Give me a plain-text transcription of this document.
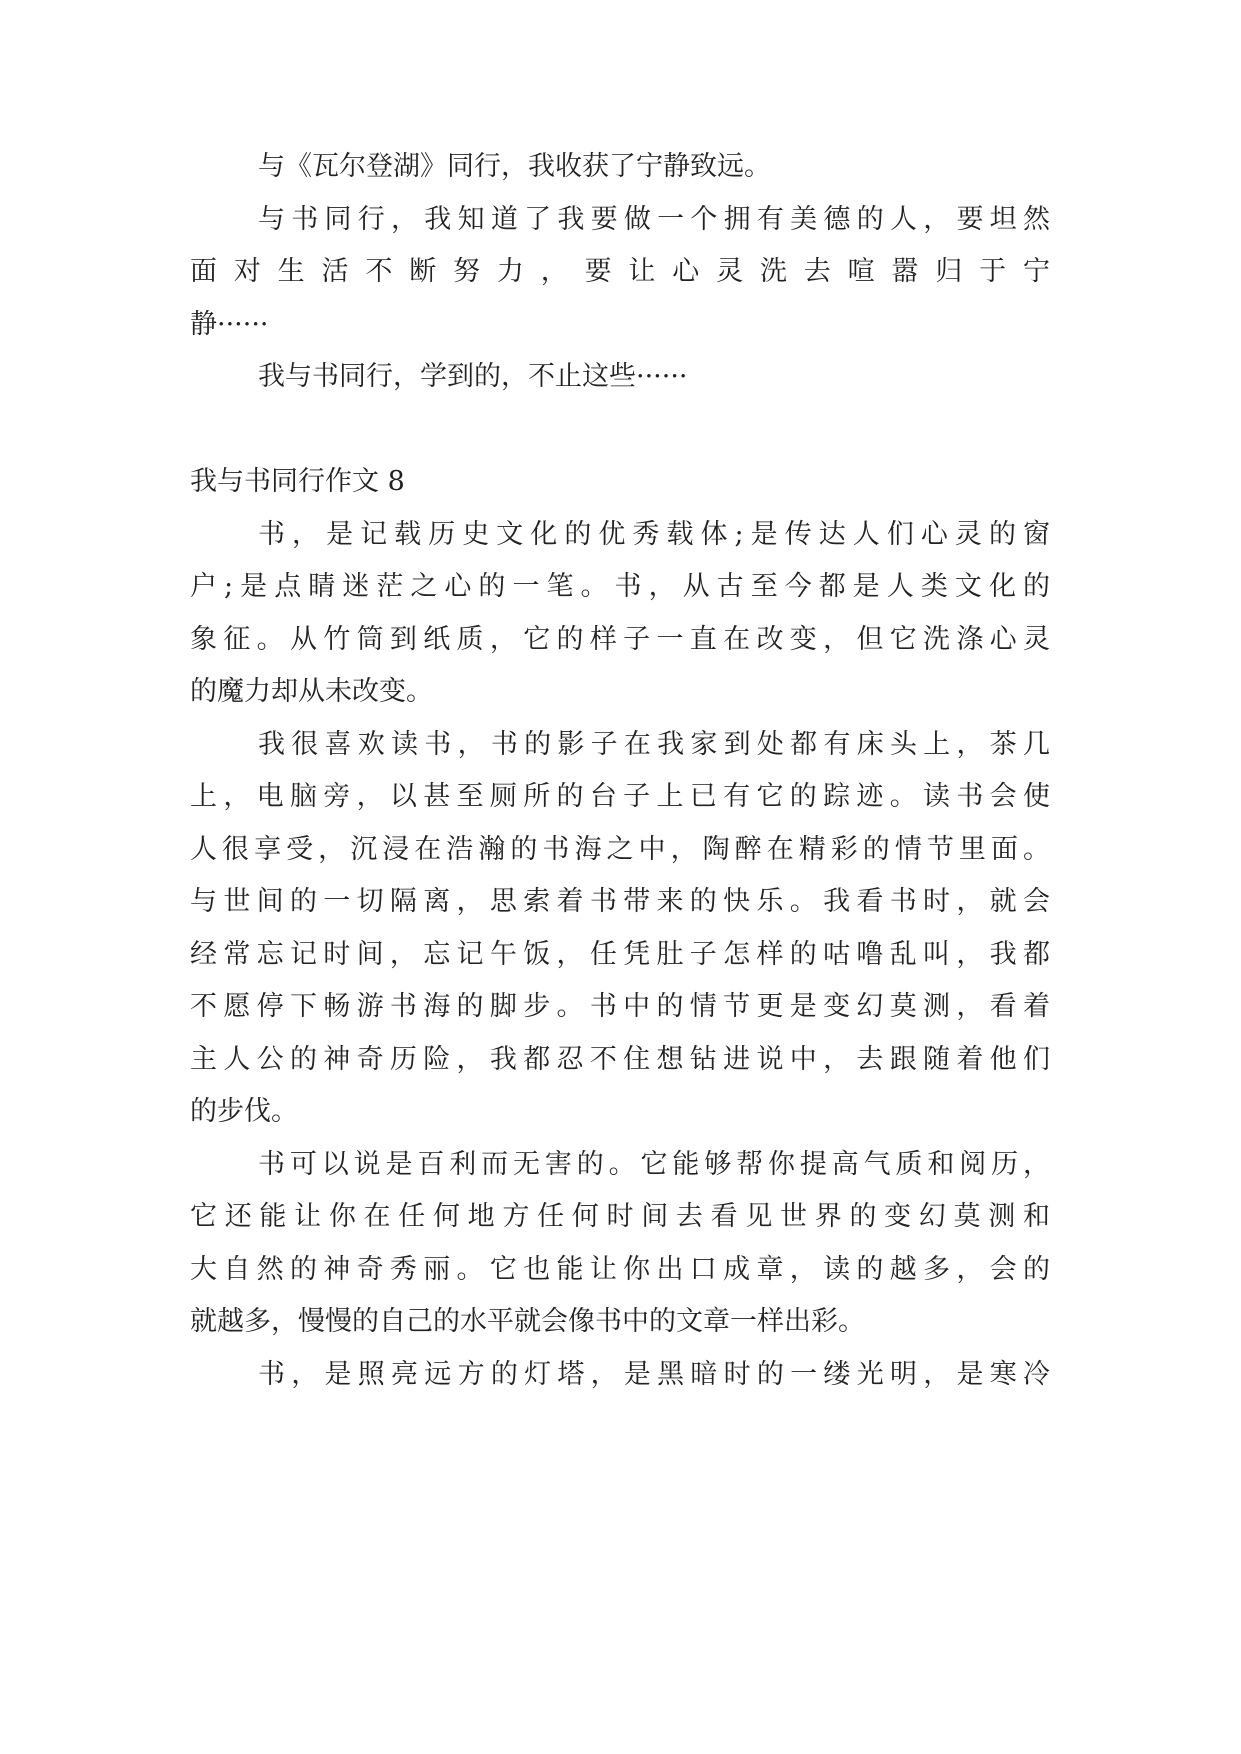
与《瓦尔登湖》同行，我收获了宁静致远。
与书同行，我知道了我要做一个拥有美德的人，要坦然
面对生活不断努力，要让心灵洗去喧嚣归于宁
静······
我与书同行，学到的，不止这些······
我与书同行作文 8
书，是记载历史文化的优秀载体;是传达人们心灵的窗
户;是点睛迷茫之心的一笔。书，从古至今都是人类文化的
象征。从竹筒到纸质，它的样子一直在改变，但它洗涤心灵
的魔力却从未改变。
我很喜欢读书，书的影子在我家到处都有床头上，茶几
上，电脑旁，以甚至厕所的台子上已有它的踪迹。读书会使
人很享受，沉浸在浩瀚的书海之中，陶醉在精彩的情节里面。
与世间的一切隔离，思索着书带来的快乐。我看书时，就会
经常忘记时间，忘记午饭，任凭肚子怎样的咕噜乱叫，我都
不愿停下畅游书海的脚步。书中的情节更是变幻莫测，看着
主人公的神奇历险，我都忍不住想钻进说中，去跟随着他们
的步伐。
书可以说是百利而无害的。它能够帮你提高气质和阅历，
它还能让你在任何地方任何时间去看见世界的变幻莫测和
大自然的神奇秀丽。它也能让你出口成章，读的越多，会的
就越多，慢慢的自己的水平就会像书中的文章一样出彩。
书，是照亮远方的灯塔，是黑暗时的一缕光明，是寒冷
